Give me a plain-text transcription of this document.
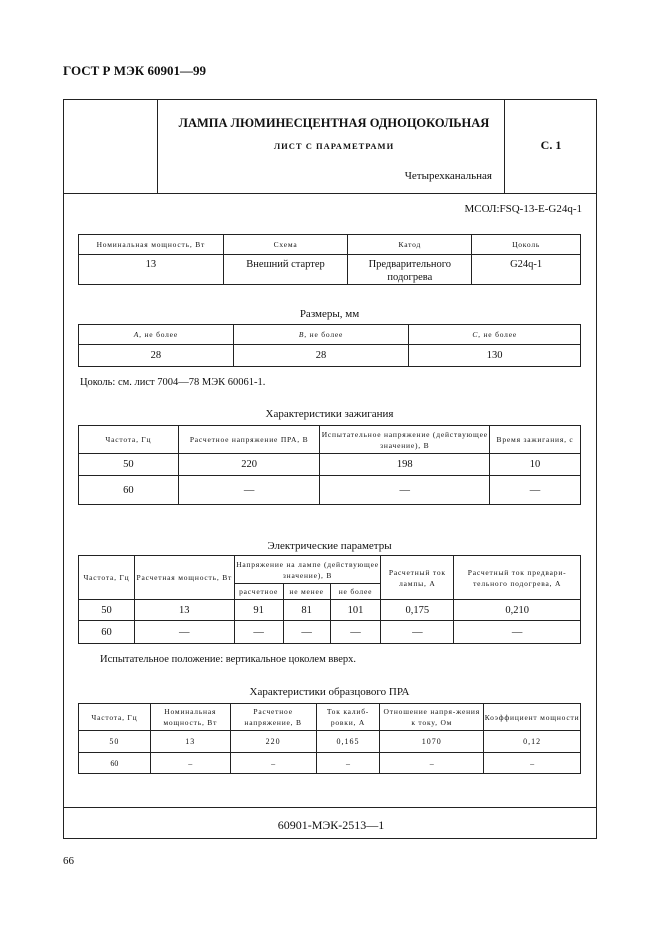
ГОСТ Р МЭК 60901—99
ЛАМПА ЛЮМИНЕСЦЕНТНАЯ ОДНОЦОКОЛЬНАЯ
ЛИСТ С ПАРАМЕТРАМИ
Четырехканальная
С. 1
МСОЛ:FSQ-13-E-G24q-1
60901-МЭК-2513—1
Номинальная мощность, Вт	Схема	Катод	Цоколь
13	Внешний стартер	Предварительного подогрева	G24q-1
Размеры, мм
A, не более	B, не более	C, не более
28	28	130
Цоколь: см. лист 7004—78 МЭК 60061-1.
Характеристики зажигания
Частота, Гц	Расчетное напряжение ПРА, В	Испытательное напряжение (действующее значение), В	Время зажигания, с
50	220	198	10
60	—	—	—
Электрические параметры
Частота, Гц	Расчетная мощность, Вт	Напряжение на лампе (действующее значение), В			Расчетный ток лампы, А	Расчетный ток предвари-тельного подогрева, А
		расчетное	не менее	не более		
50	13	91	81	101	0,175	0,210
60	—	—	—	—	—	—
Испытательное положение: вертикальное цоколем вверх.
Характеристики образцового ПРА
Частота, Гц	Номинальная мощность, Вт	Расчетное напряжение, В	Ток калиб-ровки, А	Отношение напря-жения к току, Ом	Коэффициент мощности
50	13	220	0,165	1070	0,12
60	–	–	–	–	–
66
